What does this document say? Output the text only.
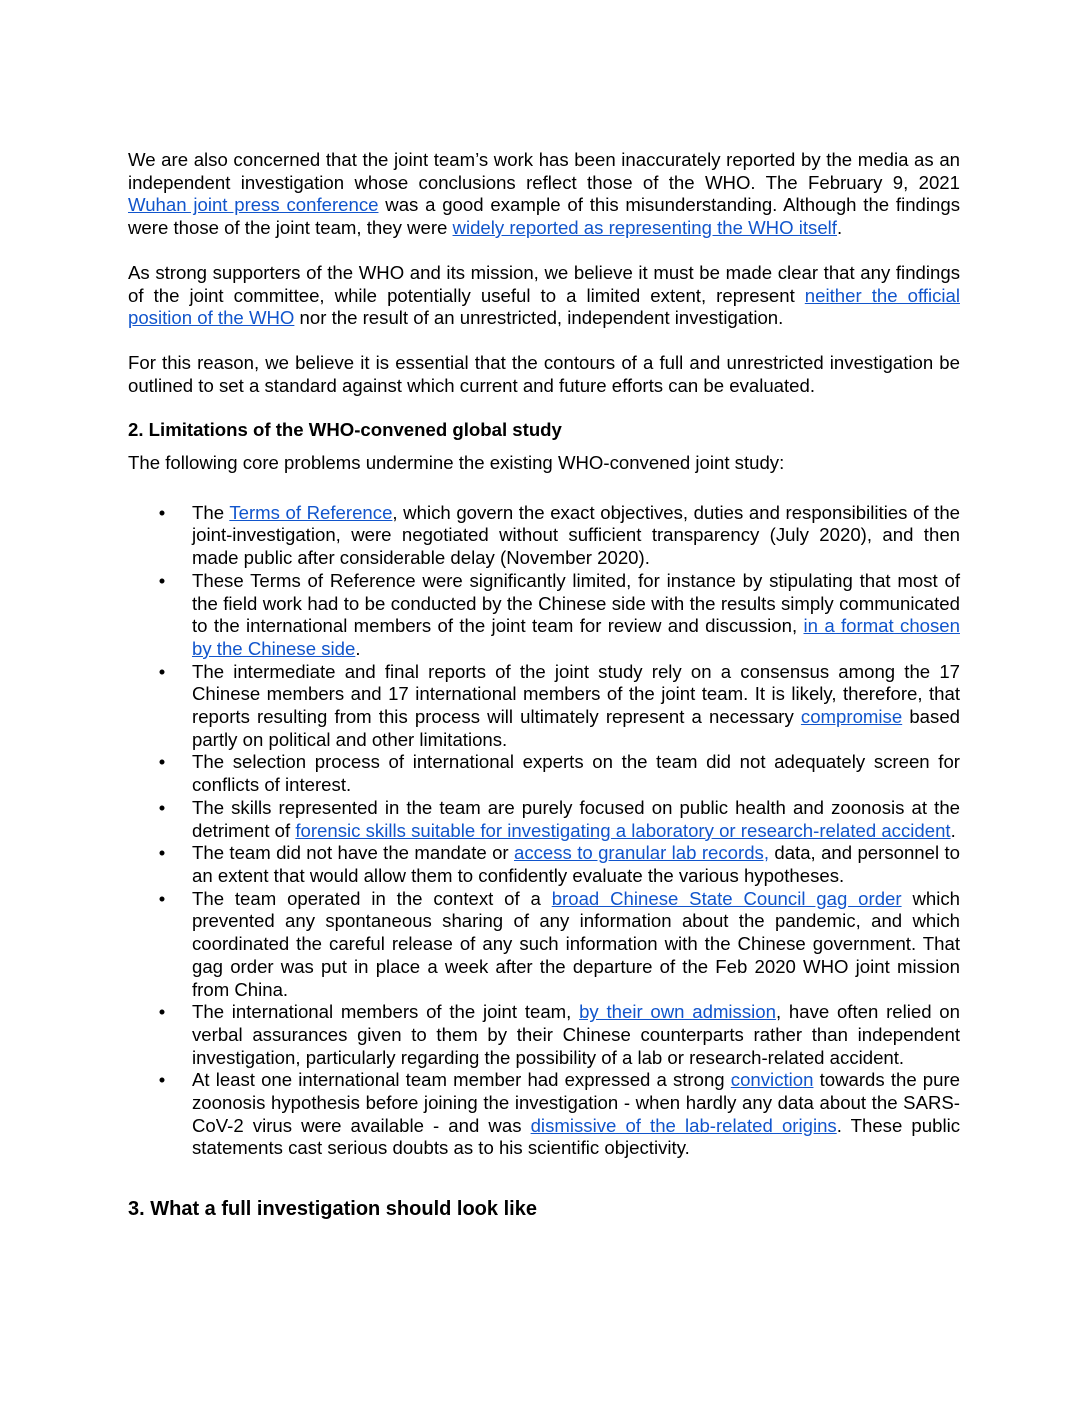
We are also concerned that the joint team’s work has been inaccurately reported by the media as an independent investigation whose conclusions reflect those of the WHO. The February 9, 2021 Wuhan joint press conference was a good example of this misunderstanding. Although the findings were those of the joint team, they were widely reported as representing the WHO itself.

As strong supporters of the WHO and its mission, we believe it must be made clear that any findings of the joint committee, while potentially useful to a limited extent, represent neither the official position of the WHO nor the result of an unrestricted, independent investigation.

For this reason, we believe it is essential that the contours of a full and unrestricted investigation be outlined to set a standard against which current and future efforts can be evaluated.

2. Limitations of the WHO-convened global study

The following core problems undermine the existing WHO-convened joint study:

• The Terms of Reference, which govern the exact objectives, duties and responsibilities of the joint-investigation, were negotiated without sufficient transparency (July 2020), and then made public after considerable delay (November 2020).
• These Terms of Reference were significantly limited, for instance by stipulating that most of the field work had to be conducted by the Chinese side with the results simply communicated to the international members of the joint team for review and discussion, in a format chosen by the Chinese side.
• The intermediate and final reports of the joint study rely on a consensus among the 17 Chinese members and 17 international members of the joint team. It is likely, therefore, that reports resulting from this process will ultimately represent a necessary compromise based partly on political and other limitations.
• The selection process of international experts on the team did not adequately screen for conflicts of interest.
• The skills represented in the team are purely focused on public health and zoonosis at the detriment of forensic skills suitable for investigating a laboratory or research-related accident.
• The team did not have the mandate or access to granular lab records, data, and personnel to an extent that would allow them to confidently evaluate the various hypotheses.
• The team operated in the context of a broad Chinese State Council gag order which prevented any spontaneous sharing of any information about the pandemic, and which coordinated the careful release of any such information with the Chinese government. That gag order was put in place a week after the departure of the Feb 2020 WHO joint mission from China.
• The international members of the joint team, by their own admission, have often relied on verbal assurances given to them by their Chinese counterparts rather than independent investigation, particularly regarding the possibility of a lab or research-related accident.
• At least one international team member had expressed a strong conviction towards the pure zoonosis hypothesis before joining the investigation - when hardly any data about the SARS-CoV-2 virus were available - and was dismissive of the lab-related origins. These public statements cast serious doubts as to his scientific objectivity.
3. What a full investigation should look like
